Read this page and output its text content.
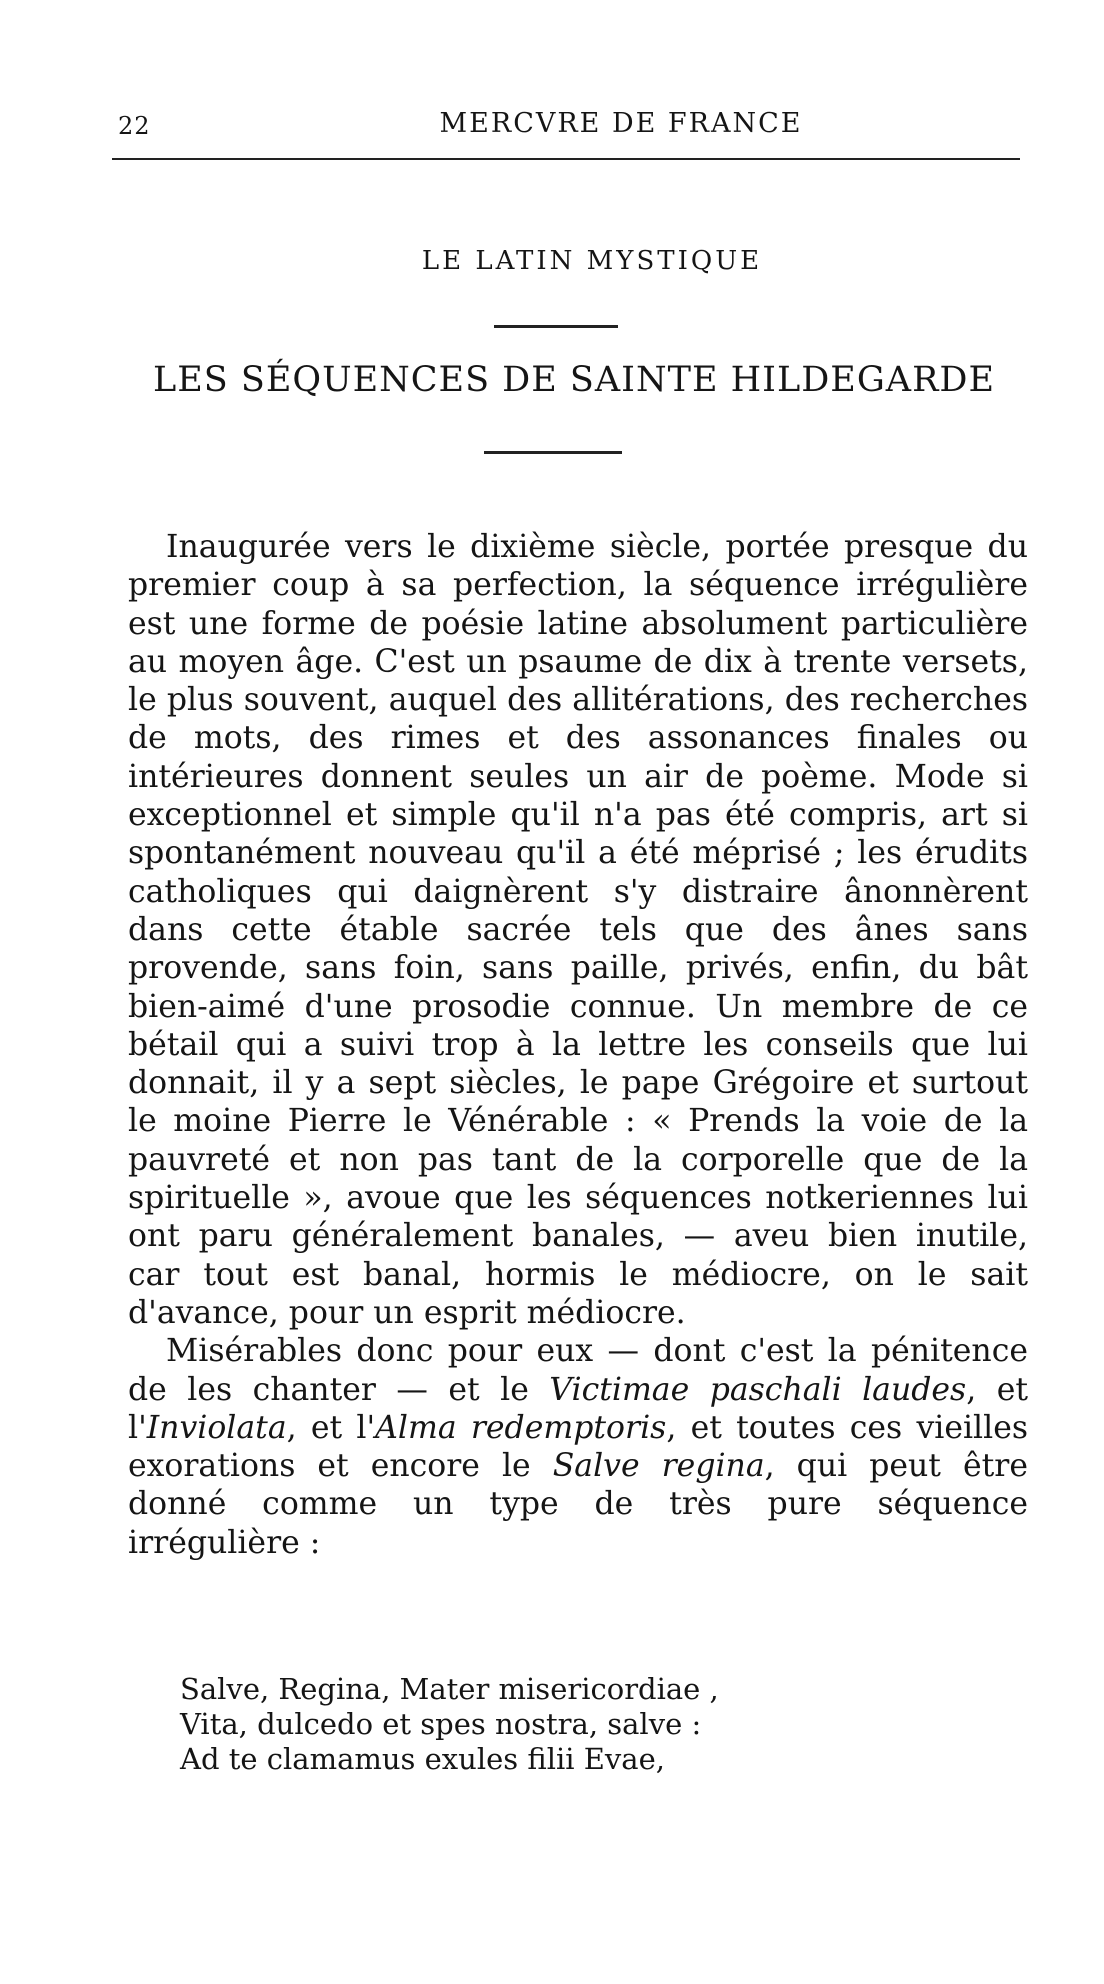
22	MERCVRE DE FRANCE
LE LATIN MYSTIQUE
LES SÉQUENCES DE SAINTE HILDEGARDE

Inaugurée vers le dixième siècle, portée presque du premier coup à sa perfection, la séquence irrégulière est une forme de poésie latine absolument particulière au moyen âge. C'est un psaume de dix à trente versets, le plus souvent, auquel des allitérations, des recherches de mots, des rimes et des assonances finales ou intérieures donnent seules un air de poème. Mode si exceptionnel et simple qu'il n'a pas été compris, art si spontanément nouveau qu'il a été méprisé ; les érudits catholiques qui daignèrent s'y distraire ânonnèrent dans cette étable sacrée tels que des ânes sans provende, sans foin, sans paille, privés, enfin, du bât bien-aimé d'une prosodie connue. Un membre de ce bétail qui a suivi trop à la lettre les conseils que lui donnait, il y a sept siècles, le pape Grégoire et surtout le moine Pierre le Vénérable : « Prends la voie de la pauvreté et non pas tant de la corporelle que de la spirituelle », avoue que les séquences notkeriennes lui ont paru généralement banales, — aveu bien inutile, car tout est banal, hormis le médiocre, on le sait d'avance, pour un esprit médiocre.

Misérables donc pour eux — dont c'est la pénitence de les chanter — et le Victimae paschali laudes, et l'Inviolata, et l'Alma redemptoris, et toutes ces vieilles exorations et encore le Salve regina, qui peut être donné comme un type de très pure séquence irrégulière :

Salve, Regina, Mater misericordiae ,
Vita, dulcedo et spes nostra, salve :
Ad te clamamus exules filii Evae,
